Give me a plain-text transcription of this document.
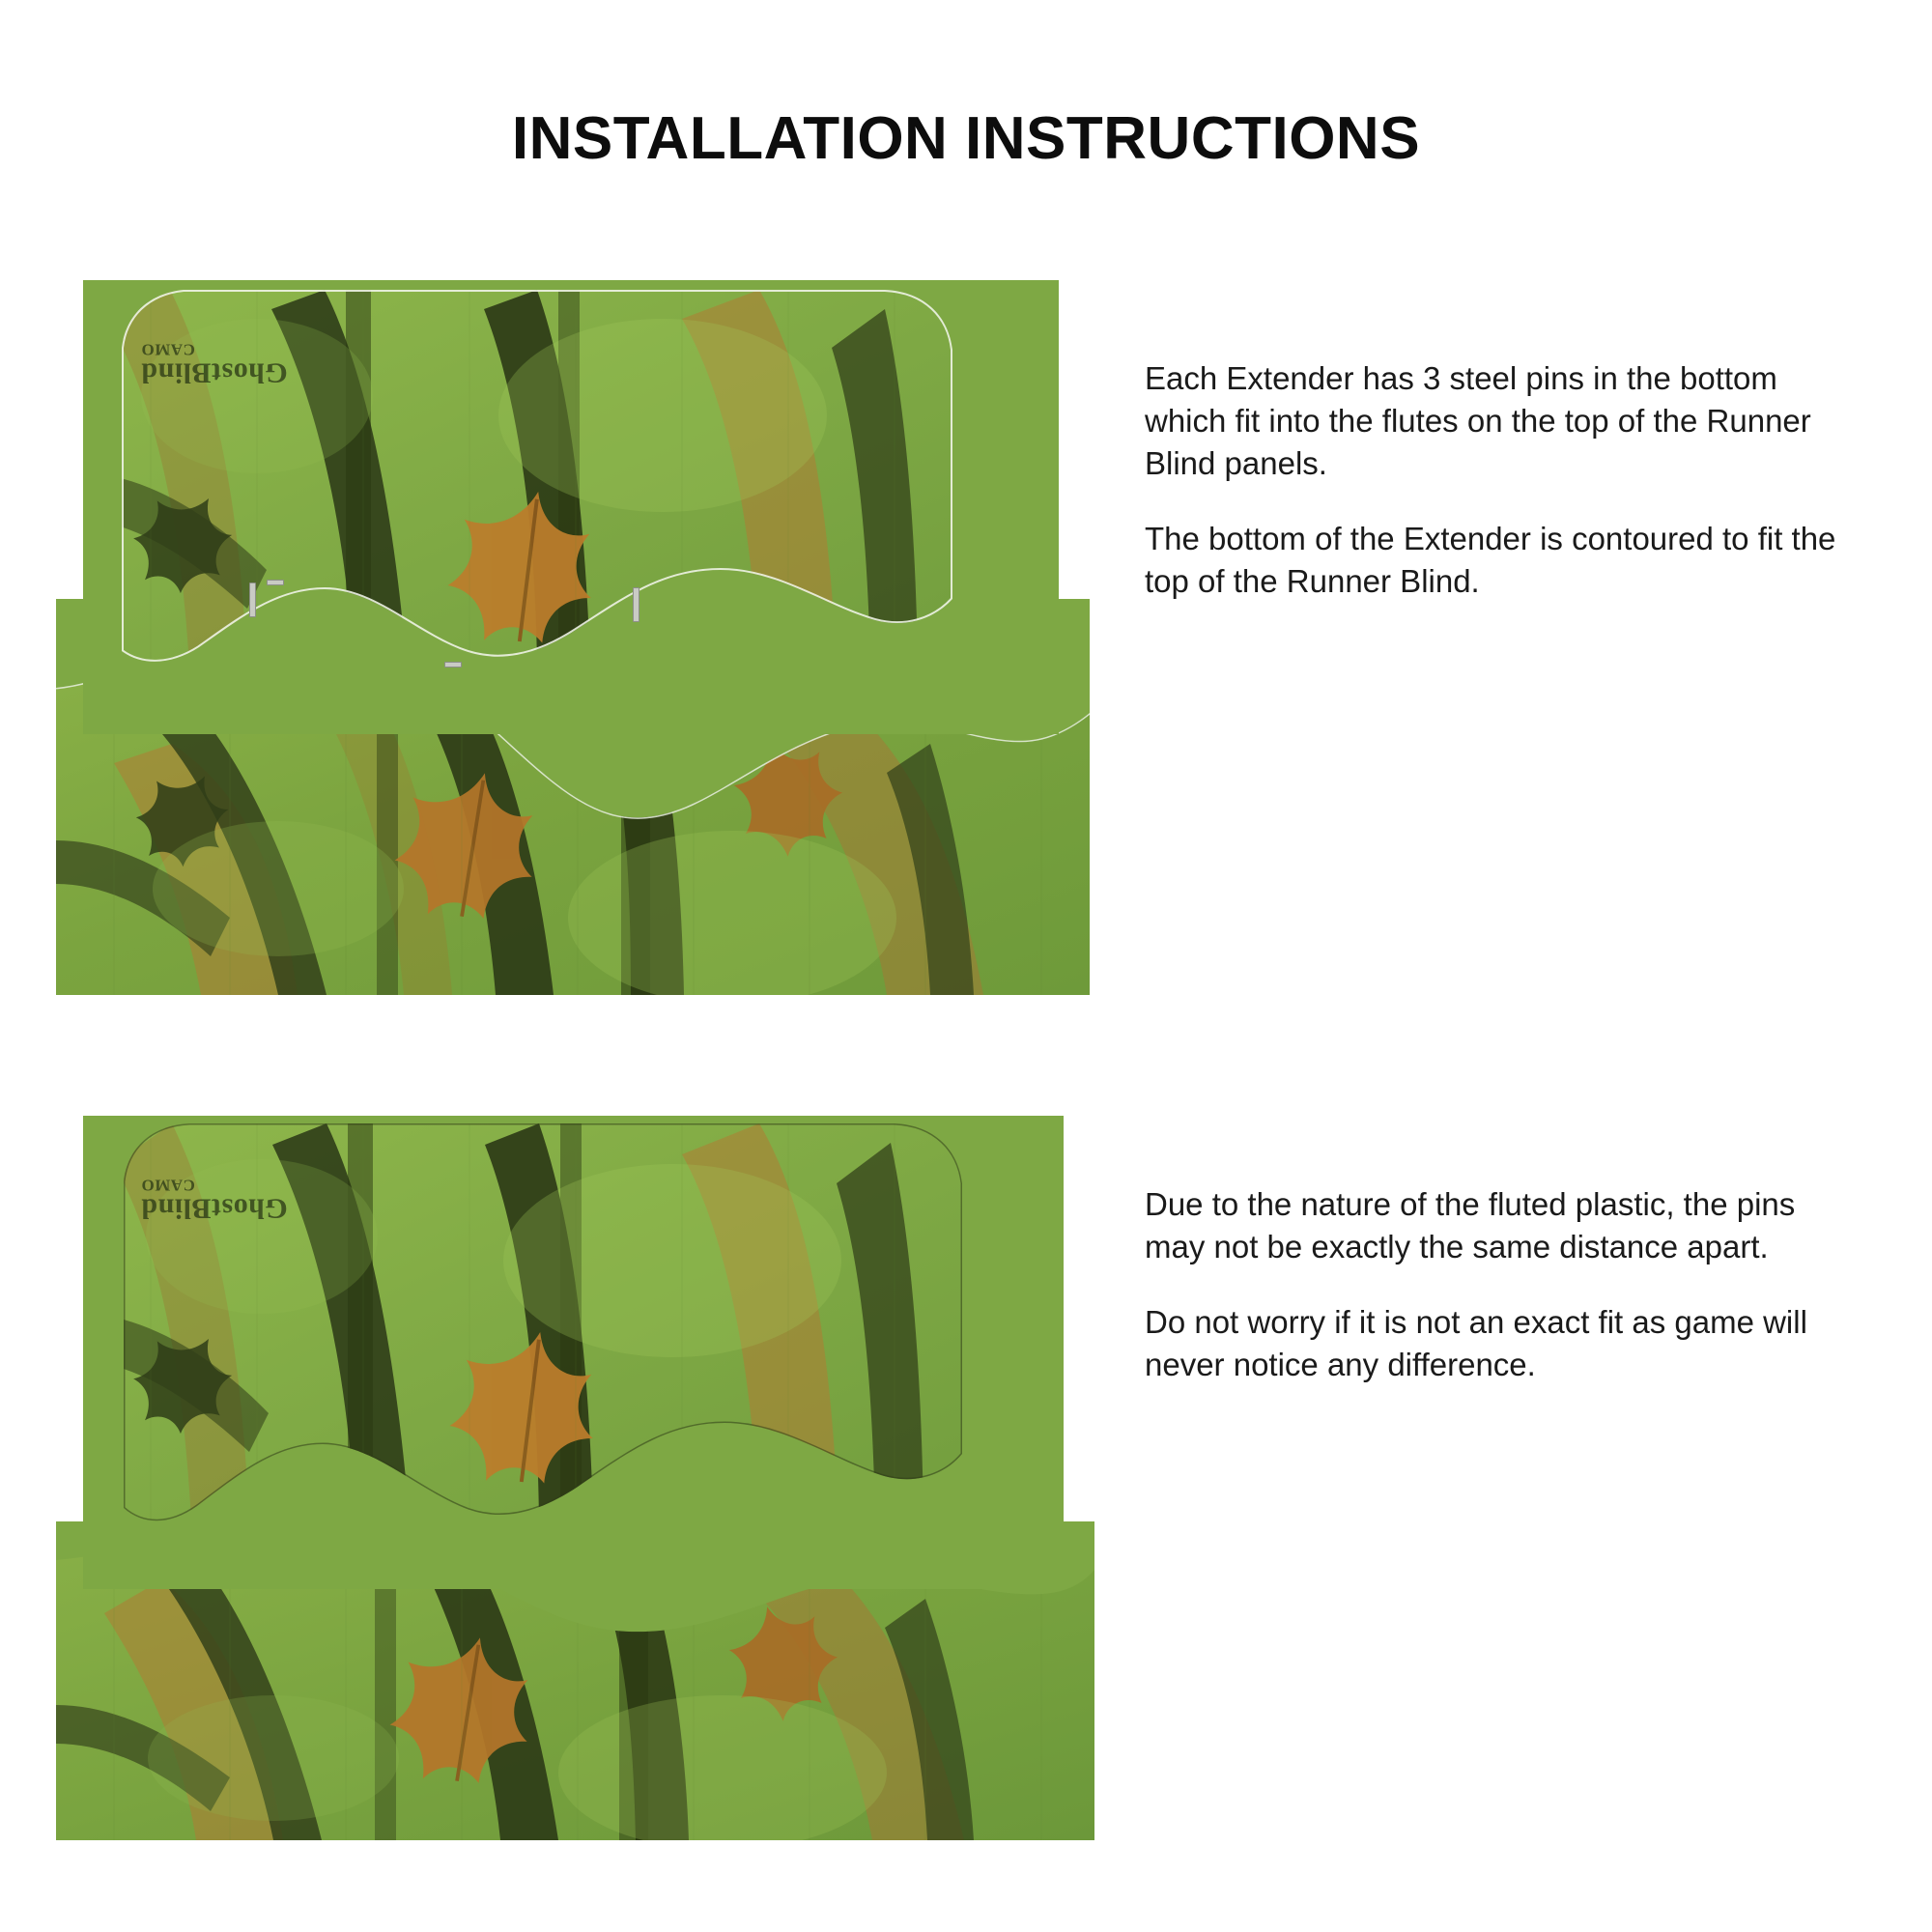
INSTALLATION INSTRUCTIONS
GhostBlind
CAMO

Each Extender has 3 steel pins in the bottom which fit into the flutes on the top of the Runner Blind panels.

The bottom of the Extender is contoured to fit the top of the Runner Blind.

GhostBlind
CAMO

Due to the nature of the fluted plastic, the pins may not be exactly the same distance apart.

Do not worry if it is not an exact fit as game will never notice any difference.
